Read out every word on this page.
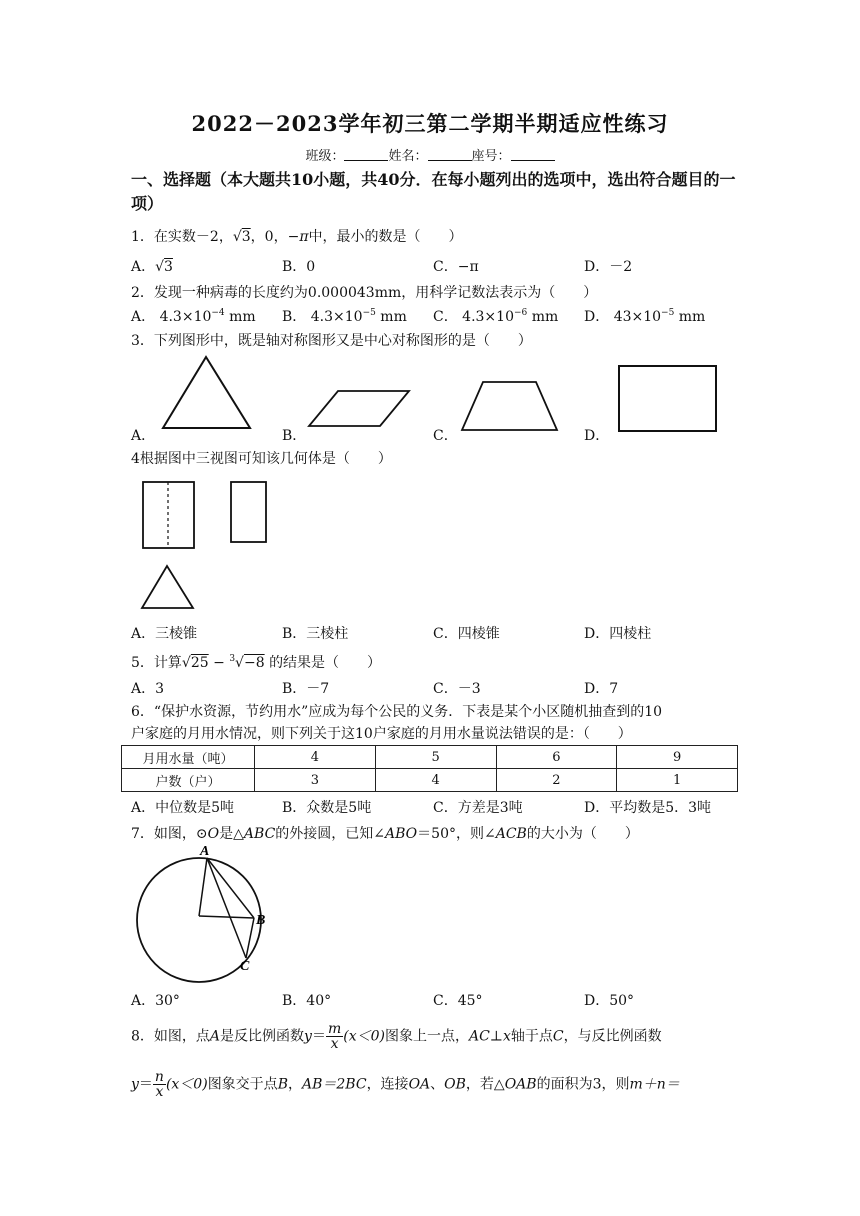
2022－2023学年初三第二学期半期适应性练习
班级：	姓名：	座号：
一、选择题（本大题共10小题，共40分．在每小题列出的选项中，选出符合题目的一项）
1．在实数－2，√3，0，−π中，最小的数是（　　）
A．√3	B．0	C．−π	D．－2
2．发现一种病毒的长度约为0.000043mm，用科学记数法表示为（　　）
A． $4.3\times 10^{-4}$ mm B． $4.3\times 10^{-5}$ mm C． $4.3\times 10^{-6}$ mm D． $43\times 10^{-5}$ mm
3．下列图形中，既是轴对称图形又是中心对称图形的是（　　）
A．	B．	C．	D．
4根据图中三视图可知该几何体是（　　）
A．三棱锥	B．三棱柱	C．四棱锥	D．四棱柱
5．计算√25 − $^3$√−8 的结果是（　　）
A．3	B．－7	C．－3	D．7
6．“保护水资源，节约用水”应成为每个公民的义务．下表是某个小区随机抽查到的10
户家庭的月用水情况，则下列关于这10户家庭的月用水量说法错误的是：（　　）
月用水量（吨）	4	5	6	9
户数（户）	3	4	2	1
A．中位数是5吨	B．众数是5吨	C．方差是3吨	D．平均数是5．3吨
7．如图，⊙O是△ABC的外接圆，已知∠ABO＝50°，则∠ACB的大小为（　　）
A
B
C
A．30°	B．40°	C．45°	D．50°
8．如图，点A是反比例函数$y= \frac{m}{x} (x<0)$图象上一点，AC⊥x轴于点C，与反比例函数
$y= \frac{n}{x} (x<0)$图象交于点B，AB＝2BC，连接OA、OB，若△OAB的面积为3，则m＋n＝
